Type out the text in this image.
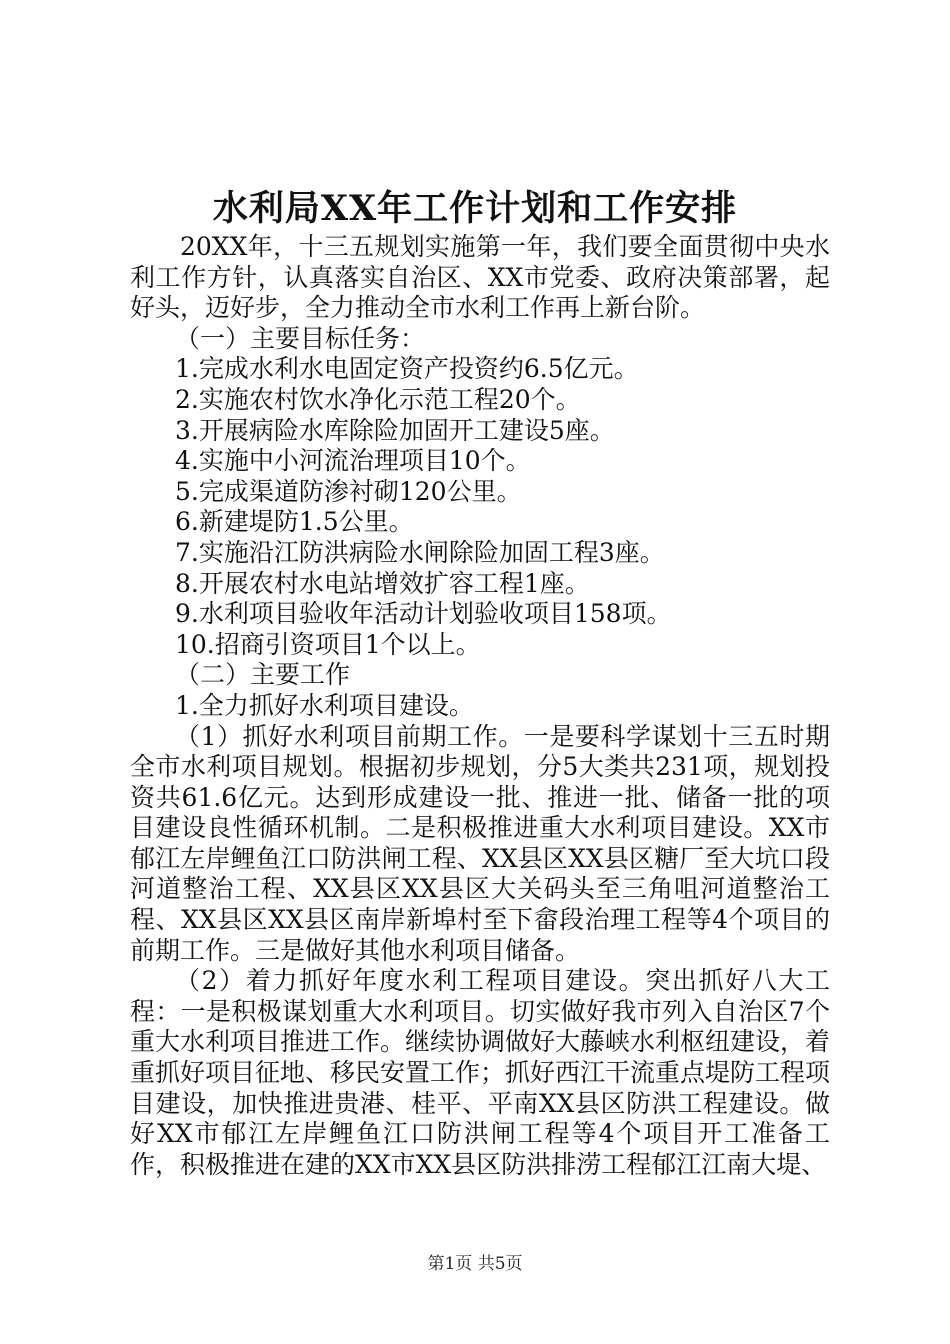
水利局XX年工作计划和工作安排

20XX年，十三五规划实施第一年，我们要全面贯彻中央水利工作方针，认真落实自治区、XX市党委、政府决策部署，起好头，迈好步，全力推动全市水利工作再上新台阶。

（一）主要目标任务：

1.完成水利水电固定资产投资约6.5亿元。

2.实施农村饮水净化示范工程20个。

3.开展病险水库除险加固开工建设5座。

4.实施中小河流治理项目10个。

5.完成渠道防渗衬砌120公里。

6.新建堤防1.5公里。

7.实施沿江防洪病险水闸除险加固工程3座。

8.开展农村水电站增效扩容工程1座。

9.水利项目验收年活动计划验收项目158项。

10.招商引资项目1个以上。

（二）主要工作

1.全力抓好水利项目建设。

（1）抓好水利项目前期工作。一是要科学谋划十三五时期全市水利项目规划。根据初步规划，分5大类共231项，规划投资共61.6亿元。达到形成建设一批、推进一批、储备一批的项目建设良性循环机制。二是积极推进重大水利项目建设。XX市郁江左岸鲤鱼江口防洪闸工程、XX县区XX县区糖厂至大坑口段河道整治工程、XX县区XX县区大关码头至三角咀河道整治工程、XX县区XX县区南岸新埠村至下畲段治理工程等4个项目的前期工作。三是做好其他水利项目储备。

（2）着力抓好年度水利工程项目建设。突出抓好八大工程：一是积极谋划重大水利项目。切实做好我市列入自治区7个重大水利项目推进工作。继续协调做好大藤峡水利枢纽建设，着重抓好项目征地、移民安置工作；抓好西江干流重点堤防工程项目建设，加快推进贵港、桂平、平南XX县区防洪工程建设。做好XX市郁江左岸鲤鱼江口防洪闸工程等4个项目开工准备工作，积极推进在建的XX市XX县区防洪排涝工程郁江江南大堤、

第1页 共5页
